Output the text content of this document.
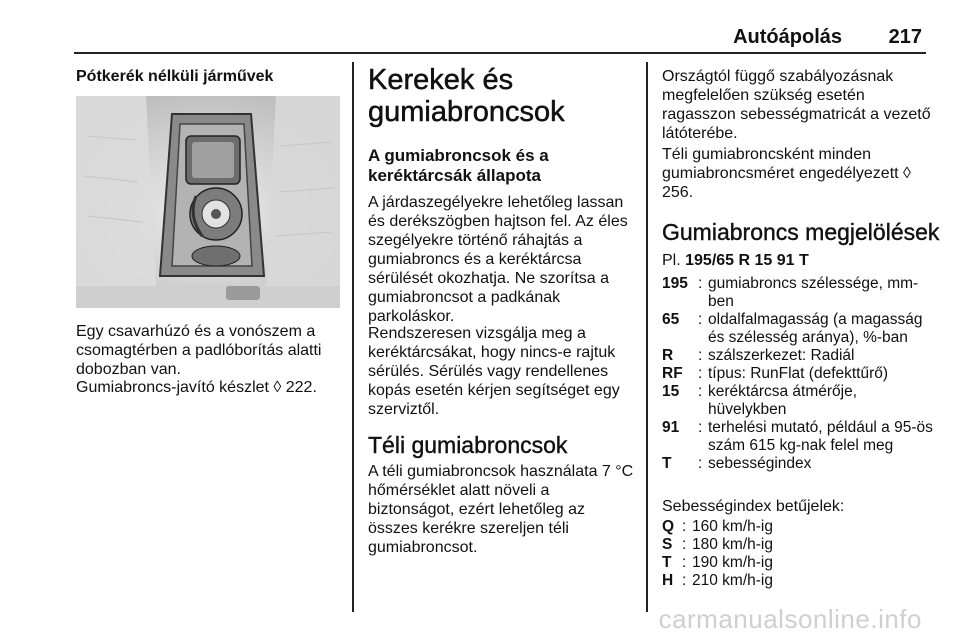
Autóápolás 217
Pótkerék nélküli járművek
Egy csavarhúzó és a vonószem a csomagtérben a padlóborítás alatti dobozban van.
Gumiabroncs-javító készlet ◊ 222.
Kerekek és gumiabroncsok
A gumiabroncsok és a keréktárcsák állapota
A járdaszegélyekre lehetőleg lassan és derékszögben hajtson fel. Az éles szegélyekre történő ráhajtás a gumiabroncs és a keréktárcsa sérülését okozhatja. Ne szorítsa a gumiabroncsot a padkának parkoláskor.
Rendszeresen vizsgálja meg a keréktárcsákat, hogy nincs-e rajtuk sérülés. Sérülés vagy rendellenes kopás esetén kérjen segítséget egy szerviztől.
Téli gumiabroncsok
A téli gumiabroncsok használata 7 °C hőmérséklet alatt növeli a biztonságot, ezért lehetőleg az összes kerékre szereljen téli gumiabroncsot.
Országtól függő szabályozásnak megfelelően szükség esetén ragasszon sebességmatricát a vezető látóterébe.
Téli gumiabroncsként minden gumiabroncsméret engedélyezett ◊ 256.
Gumiabroncs megjelölések
Pl. 195/65 R 15 91 T
195 : gumiabroncs szélessége, mm-ben
65	: oldalfalmagasság (a magasság és szélesség aránya), %-ban
R	: szálszerkezet: Radiál
RF : típus: RunFlat (defekttűrő)
15	: keréktárcsa átmérője, hüvelykben
91	: terhelési mutató, például a 95-ös szám 615 kg-nak felel meg
T	: sebességindex
Sebességindex betűjelek:
Q : 160 km/h-ig
S : 180 km/h-ig
T : 190 km/h-ig
H : 210 km/h-ig
carmanualsonline.info
